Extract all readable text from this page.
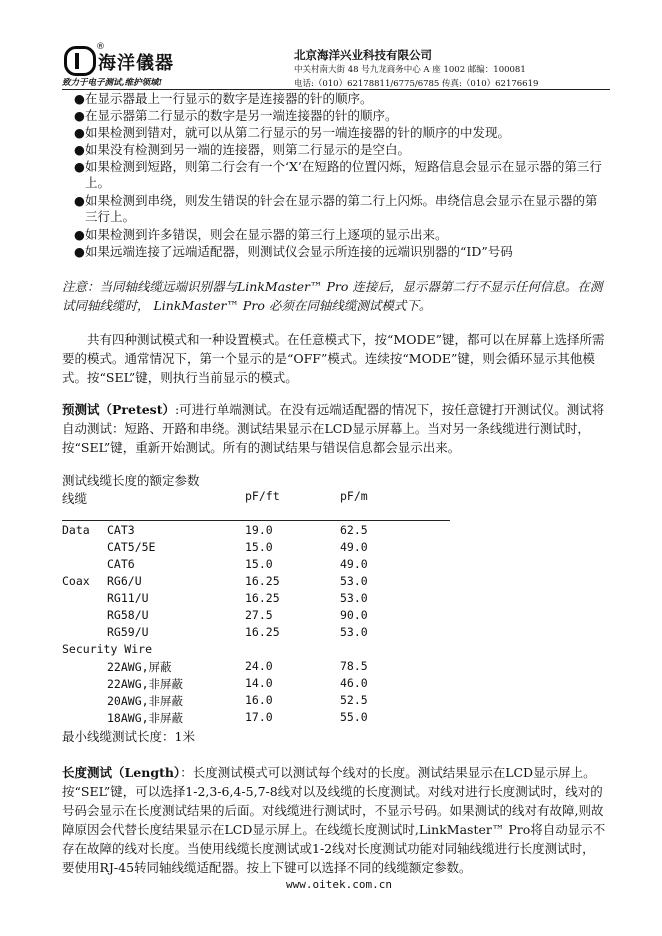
®
海洋儀器
致力于电子测试,维护领域!
北京海洋兴业科技有限公司
中关村南大街 48 号九龙商务中心 A 座 1002 邮编：100081
电话:（010）62178811/6775/6785 传真:（010）62176619
● 在显示器最上一行显示的数字是连接器的针的顺序。
● 在显示器第二行显示的数字是另一端连接器的针的顺序。
● 如果检测到错对，就可以从第二行显示的另一端连接器的针的顺序的中发现。
● 如果没有检测到另一端的连接器，则第二行显示的是空白。
● 如果检测到短路，则第二行会有一个‘X’在短路的位置闪烁，短路信息会显示在显示器的第三行上。
● 如果检测到串绕，则发生错误的针会在显示器的第二行上闪烁。串绕信息会显示在显示器的第三行上。
● 如果检测到许多错误，则会在显示器的第三行上逐项的显示出来。
● 如果远端连接了远端适配器，则测试仪会显示所连接的远端识别器的“ID”号码
注意：当同轴线缆远端识别器与LinkMaster™ Pro 连接后，显示器第二行不显示任何信息。在测试同轴线缆时， LinkMaster™ Pro 必须在同轴线缆测试模式下。
共有四种测试模式和一种设置模式。在任意模式下，按“MODE”键，都可以在屏幕上选择所需要的模式。通常情况下，第一个显示的是“OFF”模式。连续按“MODE”键，则会循环显示其他模式。按“SEL”键，则执行当前显示的模式。
预测试（Pretest）:可进行单端测试。在没有远端适配器的情况下，按任意键打开测试仪。测试将自动测试：短路、开路和串绕。测试结果显示在LCD显示屏幕上。当对另一条线缆进行测试时，按“SEL”键，重新开始测试。所有的测试结果与错误信息都会显示出来。
测试线缆长度的额定参数
线缆	pF/ft	pF/m
Data CAT3	19.0	62.5
CAT5/5E	15.0	49.0
CAT6	15.0	49.0
Coax RG6/U	16.25	53.0
RG11/U	16.25	53.0
RG58/U	27.5	90.0
RG59/U	16.25	53.0
Security Wire
22AWG,屏蔽	24.0	78.5
22AWG,非屏蔽	14.0	46.0
20AWG,非屏蔽	16.0	52.5
18AWG,非屏蔽	17.0	55.0
最小线缆测试长度：1米
长度测试（Length）：长度测试模式可以测试每个线对的长度。测试结果显示在LCD显示屏上。按“SEL”键，可以选择1-2,3-6,4-5,7-8线对以及线缆的长度测试。对线对进行长度测试时，线对的号码会显示在长度测试结果的后面。对线缆进行测试时，不显示号码。如果测试的线对有故障,则故障原因会代替长度结果显示在LCD显示屏上。在线缆长度测试时,LinkMaster™ Pro将自动显示不存在故障的线对长度。当使用线缆长度测试或1-2线对长度测试功能对同轴线缆进行长度测试时，要使用RJ-45转同轴线缆适配器。按上下键可以选择不同的线缆额定参数。
www.oitek.com.cn
